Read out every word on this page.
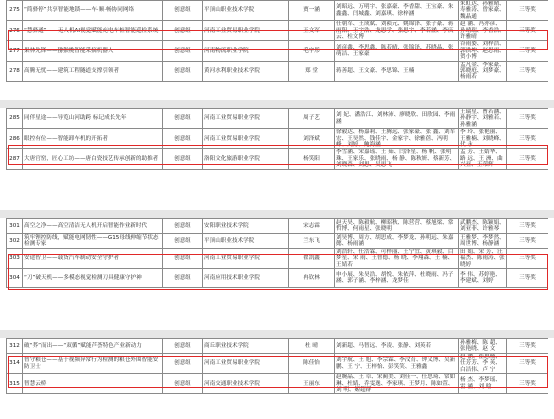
275	“简驿停”共享智能地锁——车·顺·畅协同网络	创意组	平顶山职业技术学院	贾一涵	刘昭远、万明宇、张嘉豪、李香甜、王宝豪、朱鑫鑫、闫城鑫、刘嘉琪、徐梓涵	朱虹达、孙雅晴、寿雅涛、曾家豪、魏晶通	三等奖
276	“慧驿通”——无人机AI视觉赋能充电车桩智能巡检系统	创意组	河南工业贸易职业学院	王文军	任朝军、王成斌、刘祯元、姚锦泽、张子豪、蒋雨阳、王宇浩、龙思学、张思宇、李若涵、李庆云、柱文博	赵 涵、冯亦彦、孙晴瑞、李香浩、许雅晴	三等奖
277	果林先锋——猕猴桃智能采摘机器人	创意组	河南物流职业学院	毛宇彤	刘彦鑫、李思鑫、陈若晴、张锦泽、苏晓晶、张萌洁、王家豪	谷雨姿、刘梓浩、郭洪坤、赵思雨、贺小博	三等奖
278	高腾无忧——建筑工程隧道支撑引领者	创意组	黄河水利职业技术学院	郑 堂	蒋善超、王文豪、李思锦、王楠	孟凡金、李家豪、郭晓庭、刘梦豪、杨雨若	三等奖
285	同伴星途——导览山河助跨 标记成长先年	创意组	河南工业贸易职业学院	周子艺	刘 妃、潘浩江、刘林沛、廖晓欣、田欣园、李雨涵	王瑞星、曹若涵、孙静宇、刘雅若、孙雅涵	三等奖
286	眼控有位——智能卸车机的开拓者	创意组	河南工业贸易职业学院	刘泽斌	徐毅达、杨嘉莉、王腾远、张家豪、张 鑫、刘军宏、王昊然、钱佳宇、金家宇、徐雅蓓、冯明峰、刘婷、鲍海涵	李 玲、张艳丽、王雅楠、刘晓峰、代 永	三等奖
287	大唐官窑，匠心工坊——唐白瓷技艺传承创新的助推者	创意组	洛阳文化旅游职业学院	杨笑阳	李雪涵、宋嘉瑶、王 茹、闫泽星、杨 帆、张明珠、王家乐、张晓雨、杨 静、陈秋妍、蔡新芳、刘晓森、刘思、吴思飞	孟 芳、王婧华、路 远、王 洲、曲兴亚、王荣辉	三等奖
301	高空之净——高空清洁无人机开启智能作业新时代	创意组	安阳职业技术学院	宋志霖	赵天昊、陈毅航、柳昭秋、陈营营、蔡旭梁、常哲博、何雨星、张晓明	武鹏杰、陈颖娟、刘亚菲、许雅琴	三等奖
302	筑牢锂控防线，赋能电网韧性——G15母线伸缩节状态检测专家	创意组	平顶山职业技术学院	兰东飞	刘昊博、周方、胡思成、李梦龙、孙明远、朱嘉懿、杨雨涵	王雅梦、李梦然、周世博、杨静涵	三等奖
303	安途智卫——载货汽车制动安全守护者	创意组	河南工业贸易职业学院	翟凯鑫	刘浩轩、任浩霖、可梓丽、王宁宜、黄琪毅、白梦星、宋 雨、王智德、杨 晓、李翔森、王 楠、王婧若	田 娟、宋 芳、汪福杰、陈雨涛、张晓婷	三等奖
304	“刀”破天机——多模态视觉检测刀具健康守护神	创意组	河南应用技术职业学院	冉钦林	申小展、朱昊浩、胡悦、朱依萍、杜晓雨、冯子涵、郭子涵、李梓涵、龙梦佳	李 伟、苏婷艳、李建斌、刘婷	三等奖
312	破“荞”而出——“双循”赋能芦荟特色产业新动力	创意组	商丘职业技术学院	杜 晴	刘新超、马智远、李凌、张静、刘英若	孙雅梅、陈 超、张艳晓、赵 文	三等奖
314	智守粮仓——基于视频异常行为检测的粮仓外围智能安防卫士	创意组	河南工业贸易职业学院	陈佳怡	刘宇航、王 旭、李宗霖、李汶育、钟义博、吴新鹏、王 宁、王梓怡、彭笑笑、王雅鑫	赵 涵、崔思楠、任芳芳、李 英、白洁伟、卢 宁	三等奖
315	智慧云桥	创意组	河南交通职业技术学院	王丽东	赵婉晶、王 卓、宋蔺美、刘佳一、任思琦、常如琳、杜婧、乔雯逸、李家琪、王梦月、陈如萱、刘 明、姬超群	杨 杰、李梦瑶、雷 涵、刘 晗	三等奖
